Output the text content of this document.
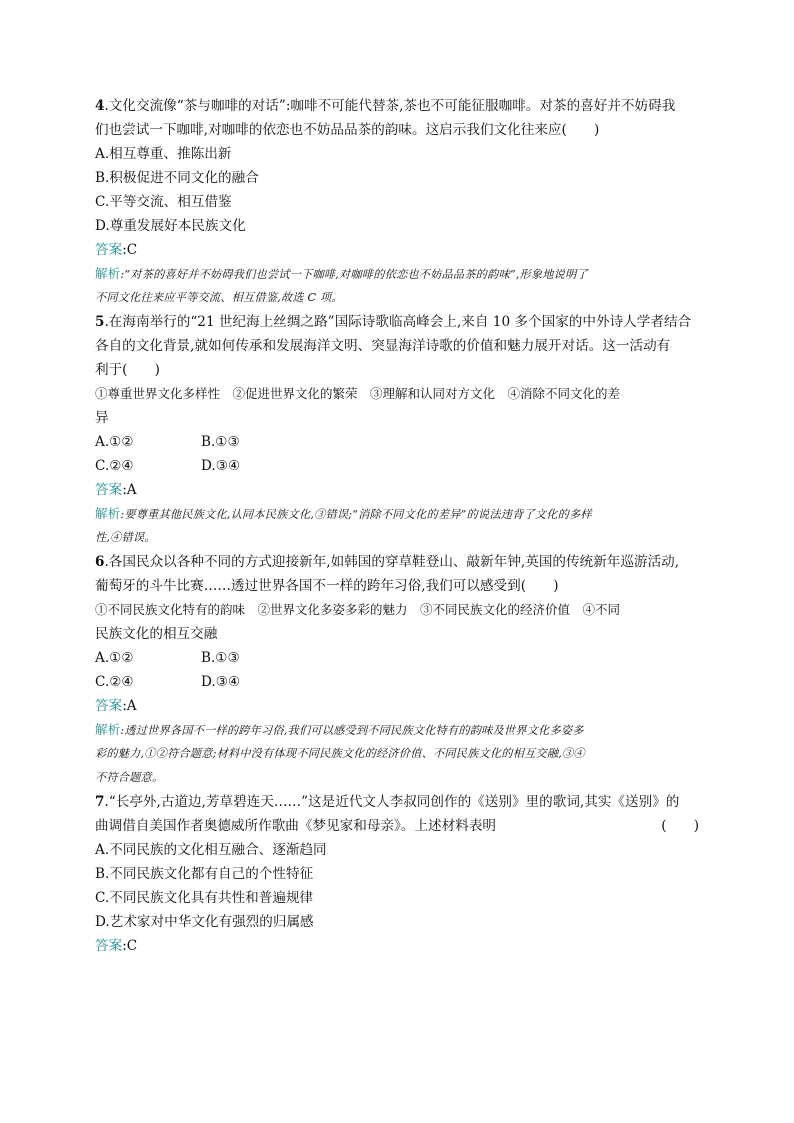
4.文化交流像“茶与咖啡的对话”:咖啡不可能代替茶,茶也不可能征服咖啡。对茶的喜好并不妨碍我
们也尝试一下咖啡,对咖啡的依恋也不妨品品茶的韵味。这启示我们文化往来应(　　)
A.相互尊重、推陈出新
B.积极促进不同文化的融合
C.平等交流、相互借鉴
D.尊重发展好本民族文化
答案:C
解析:“对茶的喜好并不妨碍我们也尝试一下咖啡,对咖啡的依恋也不妨品品茶的韵味”,形象地说明了
不同文化往来应平等交流、相互借鉴,故选 C 项。
5.在海南举行的“21 世纪海上丝绸之路”国际诗歌临高峰会上,来自 10 多个国家的中外诗人学者结合
各自的文化背景,就如何传承和发展海洋文明、突显海洋诗歌的价值和魅力展开对话。这一活动有
利于(　　)
①尊重世界文化多样性　②促进世界文化的繁荣　③理解和认同对方文化　④消除不同文化的差
异
A.①②	B.①③
C.②④	D.③④
答案:A
解析:要尊重其他民族文化,认同本民族文化,③错误;“消除不同文化的差异”的说法违背了文化的多样
性,④错误。
6.各国民众以各种不同的方式迎接新年,如韩国的穿草鞋登山、敲新年钟,英国的传统新年巡游活动,
葡萄牙的斗牛比赛……透过世界各国不一样的跨年习俗,我们可以感受到(　　)
①不同民族文化特有的韵味　②世界文化多姿多彩的魅力　③不同民族文化的经济价值　④不同
民族文化的相互交融
A.①②	B.①③
C.②④	D.③④
答案:A
解析:透过世界各国不一样的跨年习俗,我们可以感受到不同民族文化特有的韵味及世界文化多姿多
彩的魅力,①②符合题意;材料中没有体现不同民族文化的经济价值、不同民族文化的相互交融,③④
不符合题意。
7.“长亭外,古道边,芳草碧连天……”这是近代文人李叔同创作的《送别》里的歌词,其实《送别》的
曲调借自美国作者奥德威所作歌曲《梦见家和母亲》。上述材料表明	(　　)
A.不同民族的文化相互融合、逐渐趋同
B.不同民族文化都有自己的个性特征
C.不同民族文化具有共性和普遍规律
D.艺术家对中华文化有强烈的归属感
答案:C
